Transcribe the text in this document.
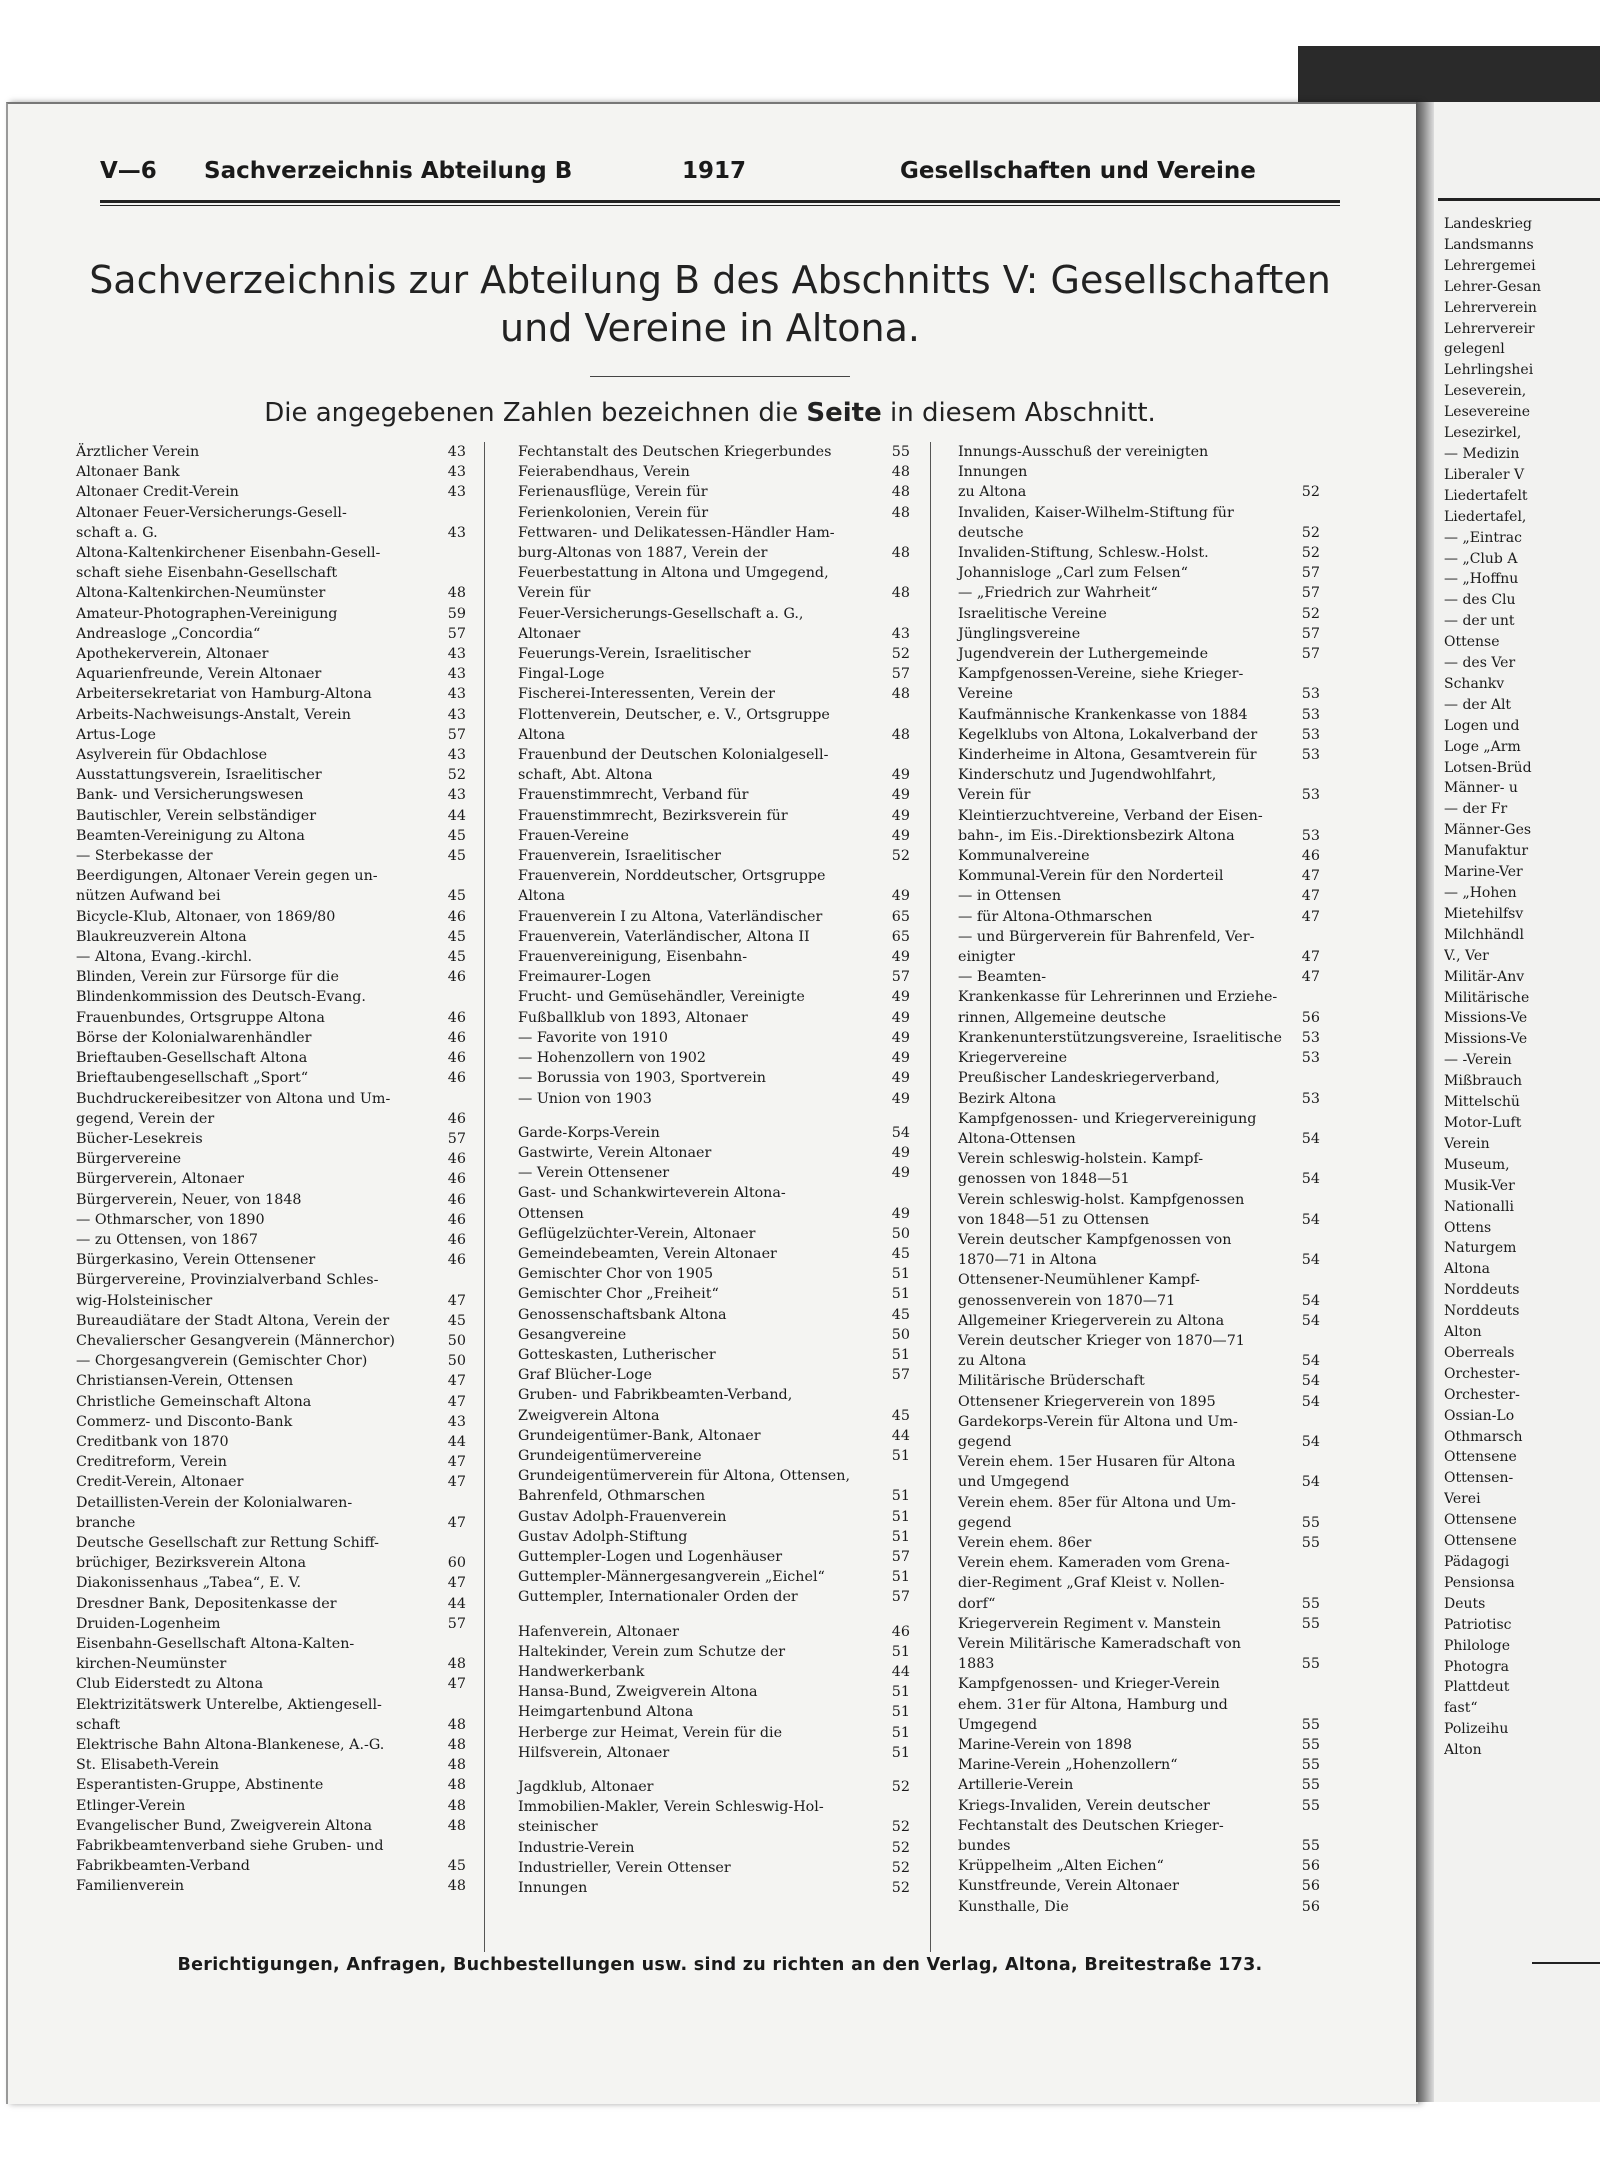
Landeskrieg
Landsmanns
Lehrergemei
Lehrer-Gesan
Lehrerverein
Lehrervereir
gelegenl
Lehrlingshei
Leseverein,
Lesevereine
Lesezirkel,
— Medizin
Liberaler V
Liedertafelt
Liedertafel,
— „Eintrac
— „Club A
— „Hoffnu
— des Clu
— der unt
Ottense
— des Ver
Schankv
— der Alt
Logen und
Loge „Arm
Lotsen-Brüd
Männer- u
— der Fr
Männer-Ges
Manufaktur
Marine-Ver
— „Hohen
Mietehilfsv
Milchhändl
V., Ver
Militär-Anv
Militärische
Missions-Ve
Missions-Ve
— -Verein
Mißbrauch
Mittelschü
Motor-Luft
Verein
Museum,
Musik-Ver
Nationalli
Ottens
Naturgem
Altona
Norddeuts
Norddeuts
Alton
Oberreals
Orchester-
Orchester-
Ossian-Lo
Othmarsch
Ottensene
Ottensen-
Verei
Ottensene
Ottensene
Pädagogi
Pensionsa
Deuts
Patriotisc
Philologe
Photogra
Plattdeut
fast“
Polizeihu
Alton
V—6 Sachverzeichnis Abteilung B	1917	Gesellschaften und Vereine
Sachverzeichnis zur Abteilung B des Abschnitts V: Gesellschaften
und Vereine in Altona.
Die angegebenen Zahlen bezeichnen die Seite in diesem Abschnitt.
Ärztlicher Verein	43
Altonaer Bank	43
Altonaer Credit-Verein	43
Altonaer Feuer-Versicherungs-Gesell-
schaft a. G.	43
Altona-Kaltenkirchener Eisenbahn-Gesell-
schaft siehe Eisenbahn-Gesellschaft
Altona-Kaltenkirchen-Neumünster	48
Amateur-Photographen-Vereinigung	59
Andreasloge „Concordia“	57
Apothekerverein, Altonaer	43
Aquarienfreunde, Verein Altonaer	43
Arbeitersekretariat von Hamburg-Altona	43
Arbeits-Nachweisungs-Anstalt, Verein	43
Artus-Loge	57
Asylverein für Obdachlose	43
Ausstattungsverein, Israelitischer	52
Bank- und Versicherungswesen	43
Bautischler, Verein selbständiger	44
Beamten-Vereinigung zu Altona	45
— Sterbekasse der	45
Beerdigungen, Altonaer Verein gegen un-
nützen Aufwand bei	45
Bicycle-Klub, Altonaer, von 1869/80	46
Blaukreuzverein Altona	45
— Altona, Evang.-kirchl.	45
Blinden, Verein zur Fürsorge für die	46
Blindenkommission des Deutsch-Evang.
Frauenbundes, Ortsgruppe Altona	46
Börse der Kolonialwarenhändler	46
Brieftauben-Gesellschaft Altona	46
Brieftaubengesellschaft „Sport“	46
Buchdruckereibesitzer von Altona und Um-
gegend, Verein der	46
Bücher-Lesekreis	57
Bürgervereine	46
Bürgerverein, Altonaer	46
Bürgerverein, Neuer, von 1848	46
— Othmarscher, von 1890	46
— zu Ottensen, von 1867	46
Bürgerkasino, Verein Ottensener	46
Bürgervereine, Provinzialverband Schles-
wig-Holsteinischer	47
Bureaudiätare der Stadt Altona, Verein der	45
Chevalierscher Gesangverein (Männerchor)	50
— Chorgesangverein (Gemischter Chor)	50
Christiansen-Verein, Ottensen	47
Christliche Gemeinschaft Altona	47
Commerz- und Disconto-Bank	43
Creditbank von 1870	44
Creditreform, Verein	47
Credit-Verein, Altonaer	47
Detaillisten-Verein der Kolonialwaren-
branche	47
Deutsche Gesellschaft zur Rettung Schiff-
brüchiger, Bezirksverein Altona	60
Diakonissenhaus „Tabea“, E. V.	47
Dresdner Bank, Depositenkasse der	44
Druiden-Logenheim	57
Eisenbahn-Gesellschaft Altona-Kalten-
kirchen-Neumünster	48
Club Eiderstedt zu Altona	47
Elektrizitätswerk Unterelbe, Aktiengesell-
schaft	48
Elektrische Bahn Altona-Blankenese, A.-G.	48
St. Elisabeth-Verein	48
Esperantisten-Gruppe, Abstinente	48
Etlinger-Verein	48
Evangelischer Bund, Zweigverein Altona	48
Fabrikbeamtenverband siehe Gruben- und
Fabrikbeamten-Verband	45
Familienverein	48
Fechtanstalt des Deutschen Kriegerbundes	55
Feierabendhaus, Verein	48
Ferienausflüge, Verein für	48
Ferienkolonien, Verein für	48
Fettwaren- und Delikatessen-Händler Ham-
burg-Altonas von 1887, Verein der	48
Feuerbestattung in Altona und Umgegend,
Verein für	48
Feuer-Versicherungs-Gesellschaft a. G.,
Altonaer	43
Feuerungs-Verein, Israelitischer	52
Fingal-Loge	57
Fischerei-Interessenten, Verein der	48
Flottenverein, Deutscher, e. V., Ortsgruppe
Altona	48
Frauenbund der Deutschen Kolonialgesell-
schaft, Abt. Altona	49
Frauenstimmrecht, Verband für	49
Frauenstimmrecht, Bezirksverein für	49
Frauen-Vereine	49
Frauenverein, Israelitischer	52
Frauenverein, Norddeutscher, Ortsgruppe
Altona	49
Frauenverein I zu Altona, Vaterländischer	65
Frauenverein, Vaterländischer, Altona II	65
Frauenvereinigung, Eisenbahn-	49
Freimaurer-Logen	57
Frucht- und Gemüsehändler, Vereinigte	49
Fußballklub von 1893, Altonaer	49
— Favorite von 1910	49
— Hohenzollern von 1902	49
— Borussia von 1903, Sportverein	49
— Union von 1903	49
Garde-Korps-Verein	54
Gastwirte, Verein Altonaer	49
— Verein Ottensener	49
Gast- und Schankwirteverein Altona-
Ottensen	49
Geflügelzüchter-Verein, Altonaer	50
Gemeindebeamten, Verein Altonaer	45
Gemischter Chor von 1905	51
Gemischter Chor „Freiheit“	51
Genossenschaftsbank Altona	45
Gesangvereine	50
Gotteskasten, Lutherischer	51
Graf Blücher-Loge	57
Gruben- und Fabrikbeamten-Verband,
Zweigverein Altona	45
Grundeigentümer-Bank, Altonaer	44
Grundeigentümervereine	51
Grundeigentümerverein für Altona, Ottensen,
Bahrenfeld, Othmarschen	51
Gustav Adolph-Frauenverein	51
Gustav Adolph-Stiftung	51
Guttempler-Logen und Logenhäuser	57
Guttempler-Männergesangverein „Eichel“	51
Guttempler, Internationaler Orden der	57
Hafenverein, Altonaer	46
Haltekinder, Verein zum Schutze der	51
Handwerkerbank	44
Hansa-Bund, Zweigverein Altona	51
Heimgartenbund Altona	51
Herberge zur Heimat, Verein für die	51
Hilfsverein, Altonaer	51
Jagdklub, Altonaer	52
Immobilien-Makler, Verein Schleswig-Hol-
steinischer	52
Industrie-Verein	52
Industrieller, Verein Ottenser	52
Innungen	52
Innungs-Ausschuß der vereinigten Innungen
zu Altona	52
Invaliden, Kaiser-Wilhelm-Stiftung für
deutsche	52
Invaliden-Stiftung, Schlesw.-Holst.	52
Johannisloge „Carl zum Felsen“	57
— „Friedrich zur Wahrheit“	57
Israelitische Vereine	52
Jünglingsvereine	57
Jugendverein der Luthergemeinde	57
Kampfgenossen-Vereine, siehe Krieger-
Vereine	53
Kaufmännische Krankenkasse von 1884	53
Kegelklubs von Altona, Lokalverband der	53
Kinderheime in Altona, Gesamtverein für	53
Kinderschutz und Jugendwohlfahrt,
Verein für	53
Kleintierzuchtvereine, Verband der Eisen-
bahn-, im Eis.-Direktionsbezirk Altona	53
Kommunalvereine	46
Kommunal-Verein für den Norderteil	47
— in Ottensen	47
— für Altona-Othmarschen	47
— und Bürgerverein für Bahrenfeld, Ver-
einigter	47
— Beamten-	47
Krankenkasse für Lehrerinnen und Erziehe-
rinnen, Allgemeine deutsche	56
Krankenunterstützungsvereine, Israelitische	53
Kriegervereine	53
Preußischer Landeskriegerverband,
Bezirk Altona	53
Kampfgenossen- und Kriegervereinigung
Altona-Ottensen	54
Verein schleswig-holstein. Kampf-
genossen von 1848—51	54
Verein schleswig-holst. Kampfgenossen
von 1848—51 zu Ottensen	54
Verein deutscher Kampfgenossen von
1870—71 in Altona	54
Ottensener-Neumühlener Kampf-
genossenverein von 1870—71	54
Allgemeiner Kriegerverein zu Altona	54
Verein deutscher Krieger von 1870—71
zu Altona	54
Militärische Brüderschaft	54
Ottensener Kriegerverein von 1895	54
Gardekorps-Verein für Altona und Um-
gegend	54
Verein ehem. 15er Husaren für Altona
und Umgegend	54
Verein ehem. 85er für Altona und Um-
gegend	55
Verein ehem. 86er	55
Verein ehem. Kameraden vom Grena-
dier-Regiment „Graf Kleist v. Nollen-
dorf“	55
Kriegerverein Regiment v. Manstein	55
Verein Militärische Kameradschaft von
1883	55
Kampfgenossen- und Krieger-Verein
ehem. 31er für Altona, Hamburg und
Umgegend	55
Marine-Verein von 1898	55
Marine-Verein „Hohenzollern“	55
Artillerie-Verein	55
Kriegs-Invaliden, Verein deutscher	55
Fechtanstalt des Deutschen Krieger-
bundes	55
Krüppelheim „Alten Eichen“	56
Kunstfreunde, Verein Altonaer	56
Kunsthalle, Die	56
Berichtigungen, Anfragen, Buchbestellungen usw. sind zu richten an den Verlag, Altona, Breitestraße 173.
